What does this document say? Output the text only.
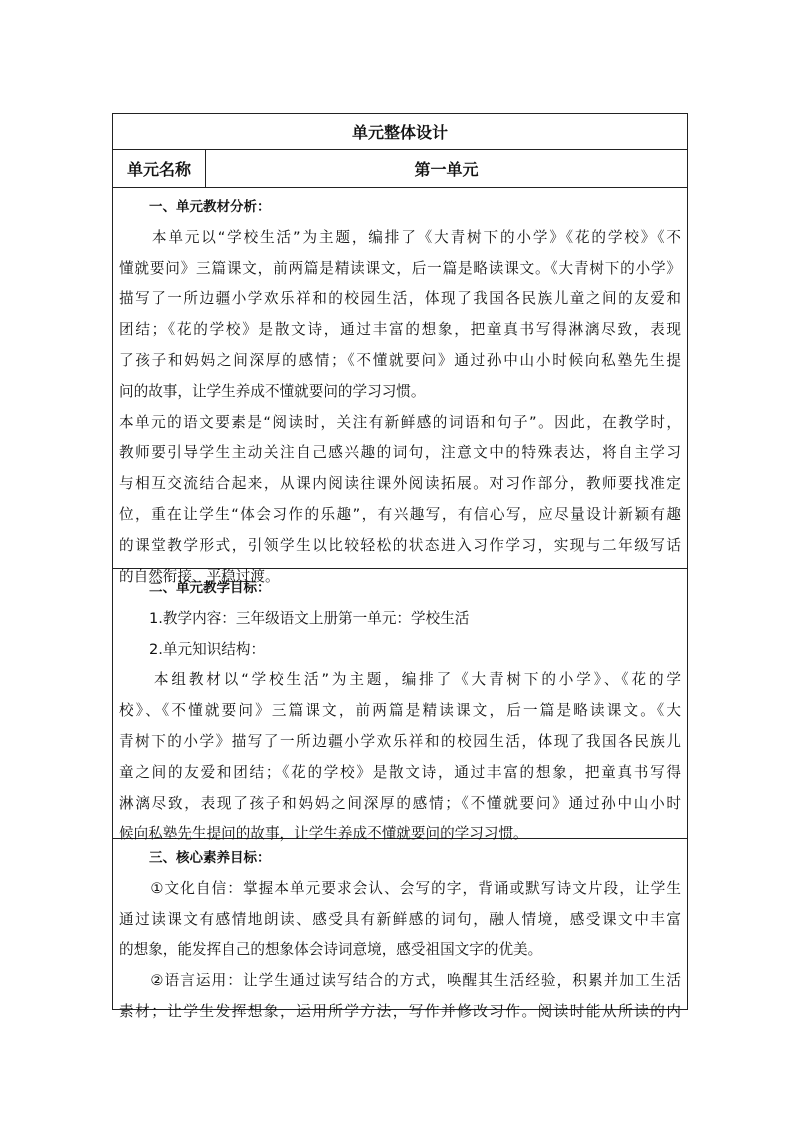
单元整体设计
单元名称	第一单元
一、单元教材分析：
　　本单元以“学校生活”为主题，编排了《大青树下的小学》《花的学校》《不
懂就要问》三篇课文，前两篇是精读课文，后一篇是略读课文。《大青树下的小学》
描写了一所边疆小学欢乐祥和的校园生活，体现了我国各民族儿童之间的友爱和
团结；《花的学校》是散文诗，通过丰富的想象，把童真书写得淋漓尽致，表现
了孩子和妈妈之间深厚的感情；《不懂就要问》通过孙中山小时候向私塾先生提
问的故事，让学生养成不懂就要问的学习习惯。
本单元的语文要素是“阅读时，关注有新鲜感的词语和句子”。因此，在教学时，
教师要引导学生主动关注自己感兴趣的词句，注意文中的特殊表达，将自主学习
与相互交流结合起来，从课内阅读往课外阅读拓展。对习作部分，教师要找准定
位，重在让学生“体会习作的乐趣”，有兴趣写，有信心写，应尽量设计新颖有趣
的课堂教学形式，引领学生以比较轻松的状态进入习作学习，实现与二年级写话
的自然衔接、平稳过渡。
二、单元教学目标：
1.教学内容：三年级语文上册第一单元：学校生活
2.单元知识结构：
　　本组教材以“学校生活”为主题，编排了《大青树下的小学》、《花的学
校》、《不懂就要问》三篇课文，前两篇是精读课文，后一篇是略读课文。《大
青树下的小学》描写了一所边疆小学欢乐祥和的校园生活，体现了我国各民族儿
童之间的友爱和团结；《花的学校》是散文诗，通过丰富的想象，把童真书写得
淋漓尽致，表现了孩子和妈妈之间深厚的感情；《不懂就要问》通过孙中山小时
候向私塾先生提问的故事，让学生养成不懂就要问的学习习惯。
三、核心素养目标：
　　①文化自信：掌握本单元要求会认、会写的字，背诵或默写诗文片段，让学生
通过读课文有感情地朗读、感受具有新鲜感的词句，融人情境，感受课文中丰富
的想象，能发挥自己的想象体会诗词意境，感受祖国文字的优美。
　　②语言运用：让学生通过读写结合的方式，唤醒其生活经验，积累并加工生活
素材；让学生发挥想象，运用所学方法，写作并修改习作。阅读时能从所读的内
